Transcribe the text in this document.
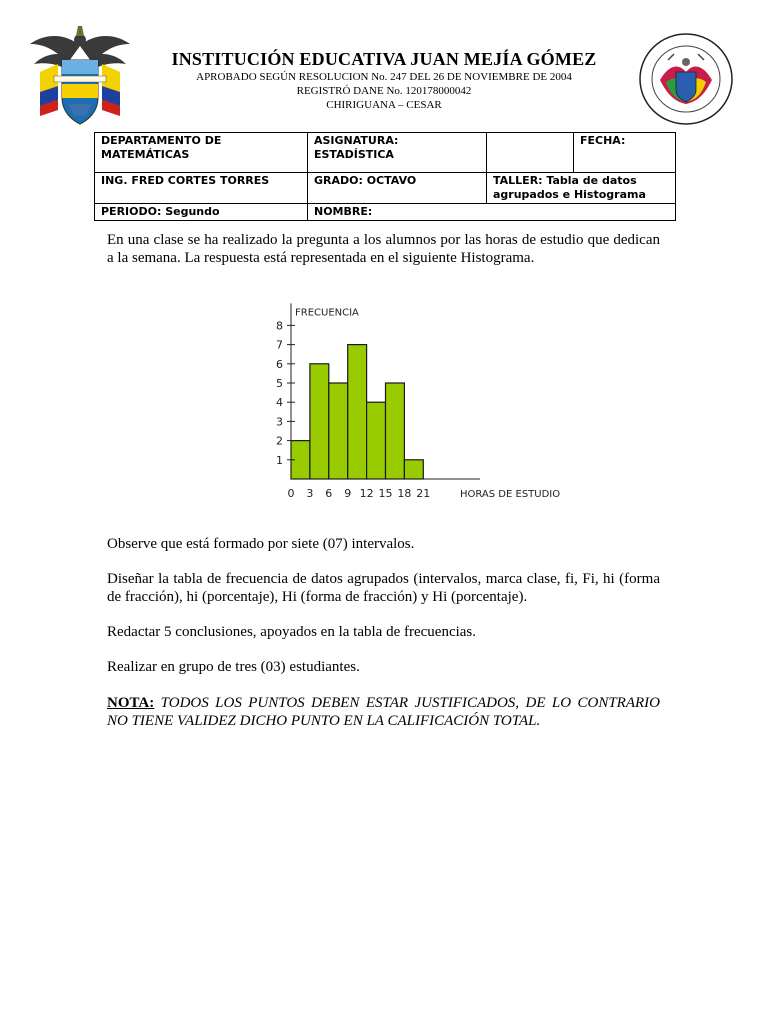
INSTITUCIÓN EDUCATIVA JUAN MEJÍA GÓMEZ
APROBADO SEGÚN RESOLUCION No. 247 DEL 26 DE NOVIEMBRE DE 2004
REGISTRÓ DANE No. 120178000042
CHIRIGUANA – CESAR
DEPARTAMENTO DE MATEMÁTICAS	ASIGNATURA: ESTADÍSTICA		FECHA:
ING. FRED CORTES TORRES	GRADO: OCTAVO	TALLER: Tabla de datos agrupados e Histograma	
PERIODO: Segundo	NOMBRE:		
En una clase se ha realizado la pregunta a los alumnos por las horas de estudio que dedican a la semana. La respuesta está representada en el siguiente Histograma.
1
2
3
4
5
6
7
8
0 3 6 9 12 15 18 21
FRECUENCIA
HORAS DE ESTUDIO
Observe que está formado por siete (07) intervalos.
Diseñar la tabla de frecuencia de datos agrupados (intervalos, marca clase, fi, Fi, hi (forma de fracción), hi (porcentaje), Hi (forma de fracción) y Hi (porcentaje).
Redactar 5 conclusiones, apoyados en la tabla de frecuencias.
Realizar en grupo de tres (03) estudiantes.
NOTA: TODOS LOS PUNTOS DEBEN ESTAR JUSTIFICADOS, DE LO CONTRARIO NO TIENE VALIDEZ DICHO PUNTO EN LA CALIFICACIÓN TOTAL.
